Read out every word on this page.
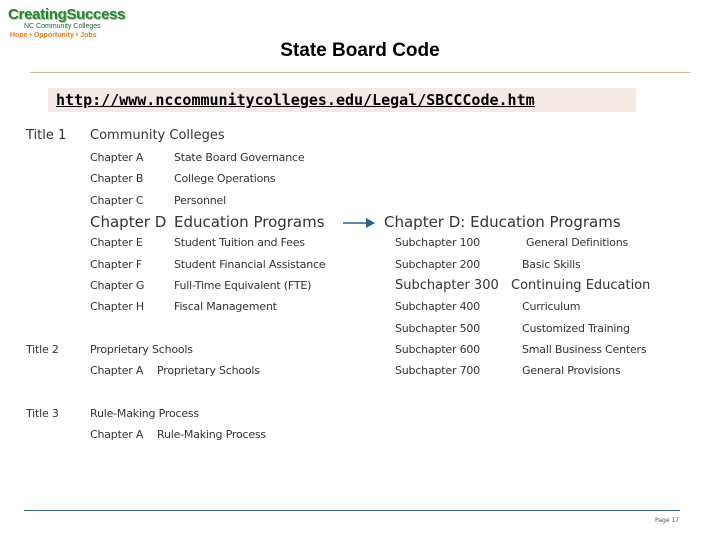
CreatingSuccess
NC Community Colleges
Hope • Opportunity • Jobs
State Board Code
http://www.nccommunitycolleges.edu/Legal/SBCCCode.htm
Title 1 Community Colleges
Chapter A	State Board Governance
Chapter B	College Operations
Chapter C	Personnel
Chapter D Education Programs	Chapter D: Education Programs
Chapter E	Student Tuition and Fees	Subchapter 100	General Definitions
Chapter F	Student Financial Assistance	Subchapter 200	Basic Skills
Chapter G	Full-Time Equivalent (FTE)	Subchapter 300 Continuing Education
Chapter H	Fiscal Management	Subchapter 400	Curriculum
Subchapter 500	Customized Training
Title 2	Proprietary Schools	Subchapter 600	Small Business Centers
Chapter A Proprietary Schools	Subchapter 700	General Provisions
Title 3	Rule-Making Process
Chapter A Rule-Making Process
Page 17
